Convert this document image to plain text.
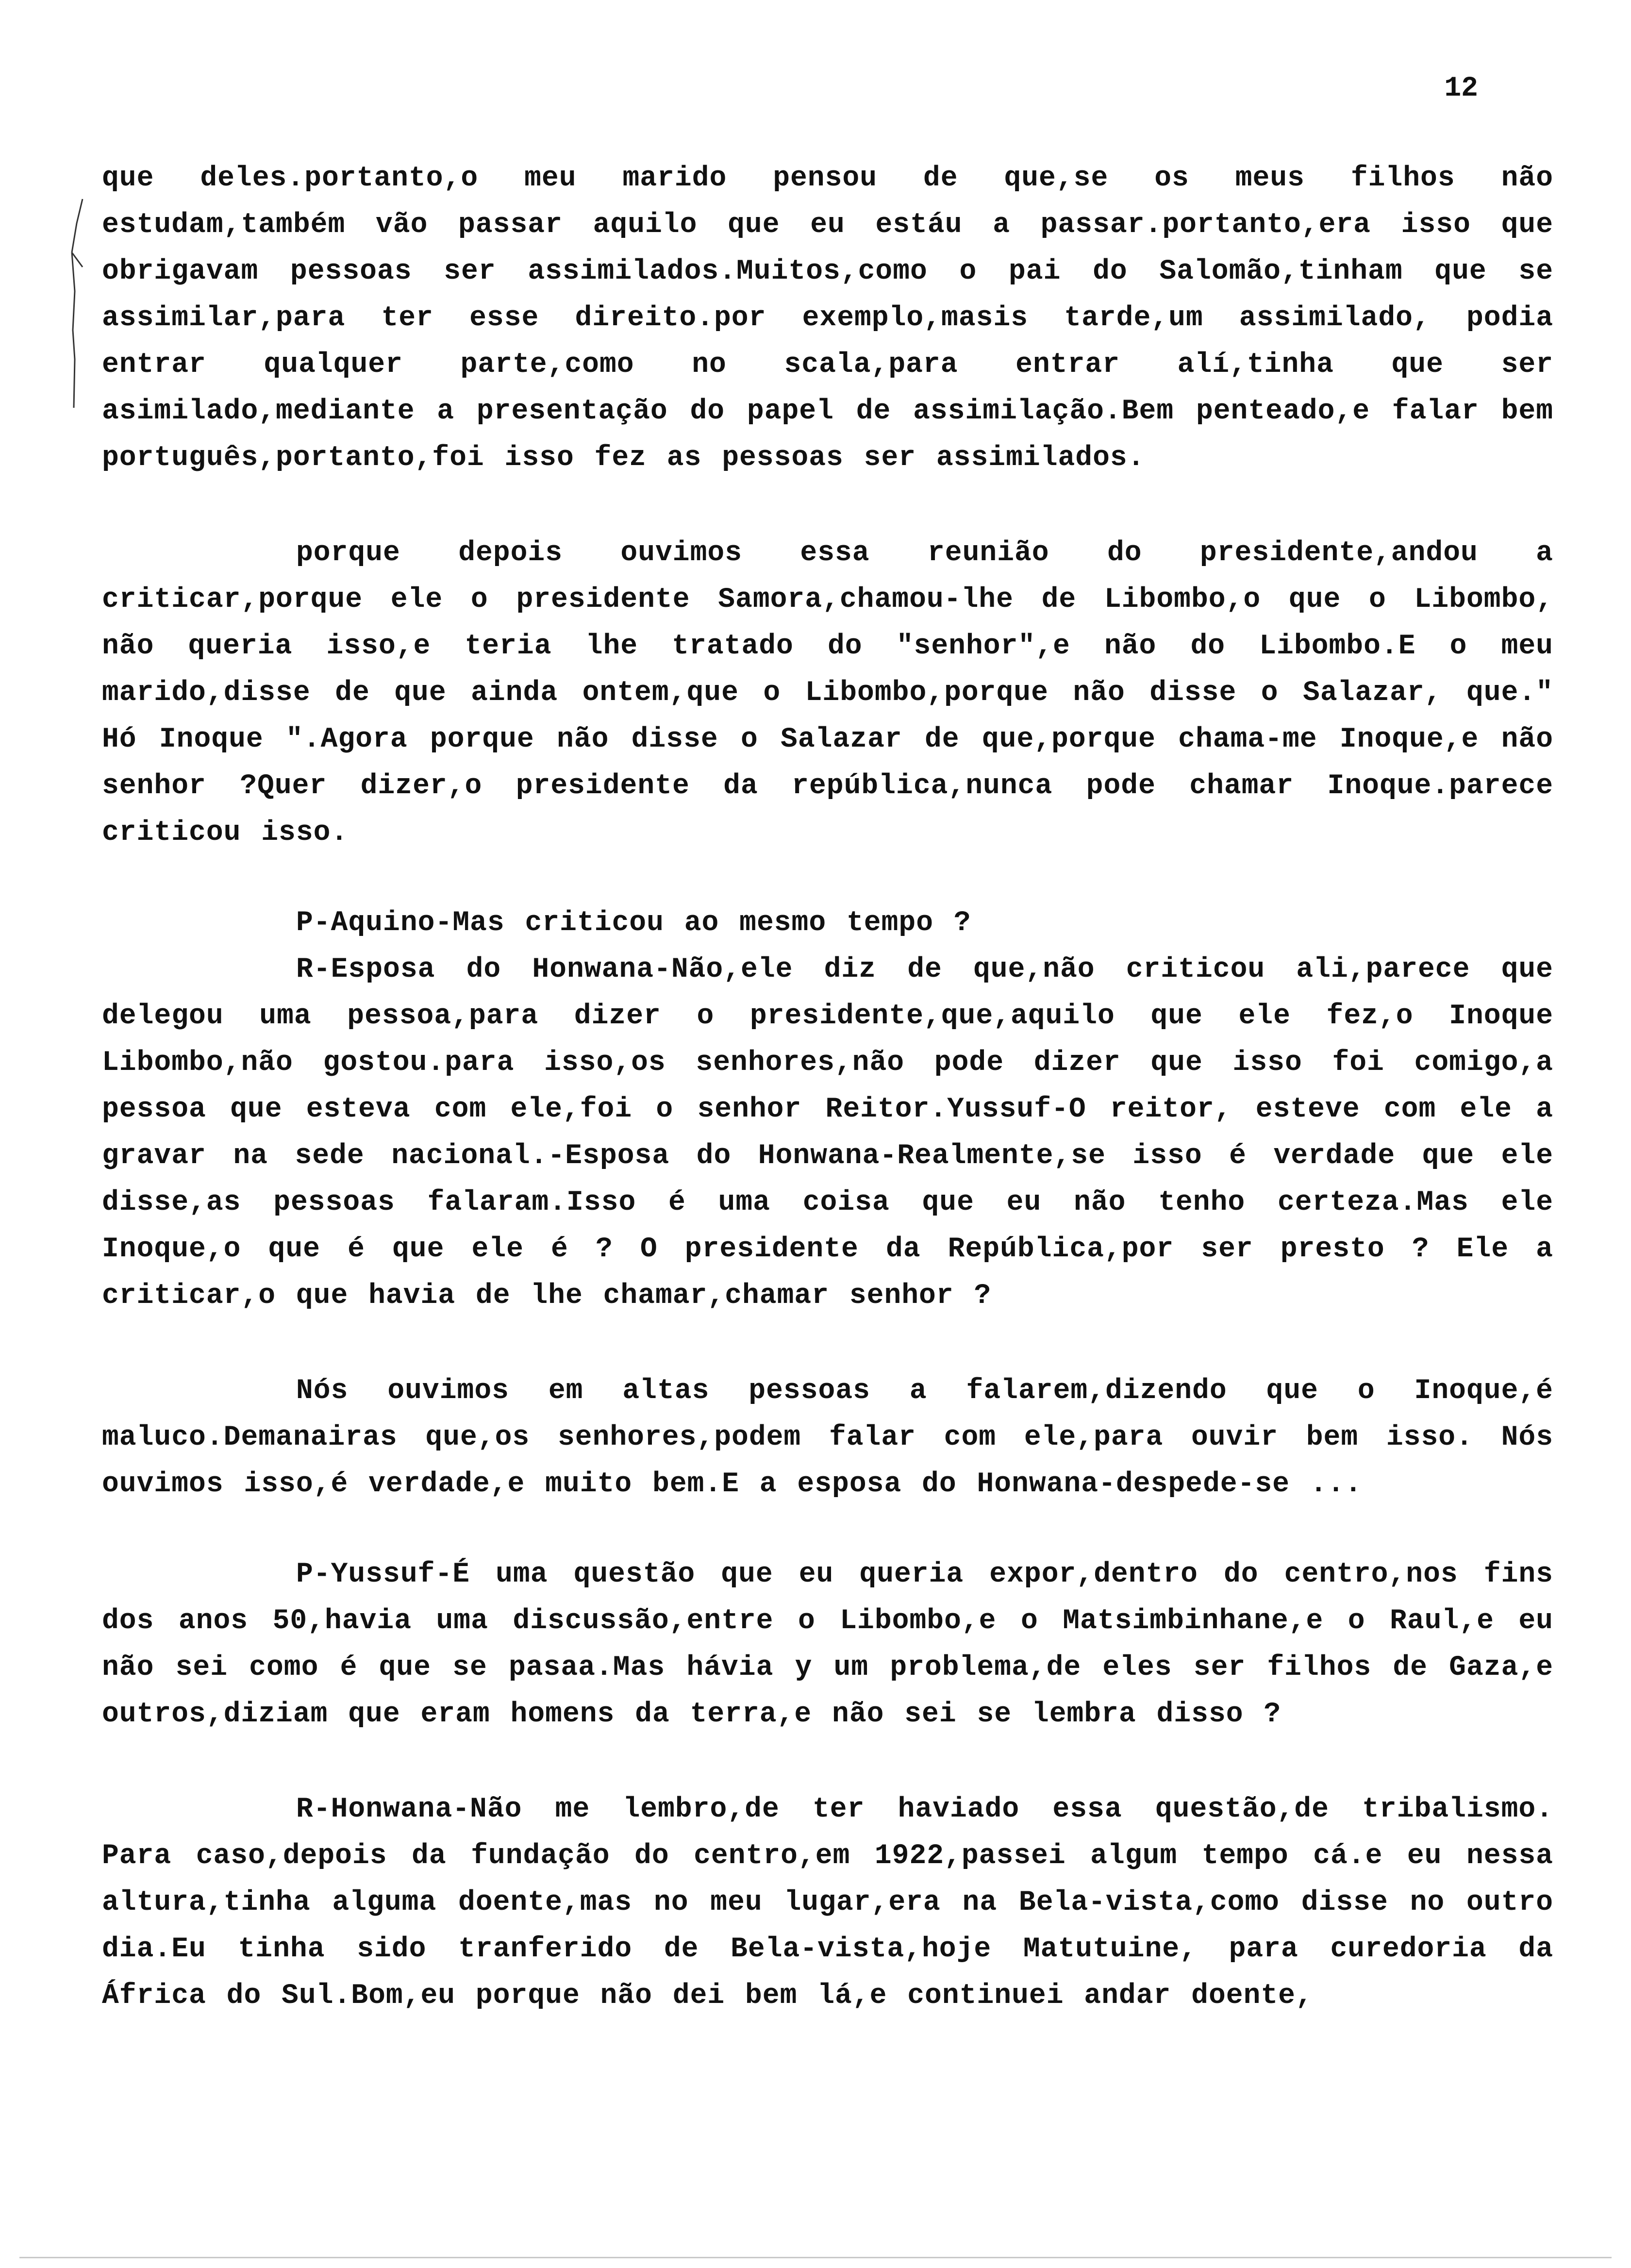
12

que deles.portanto,o meu marido pensou de que,se os meus filhos não estudam,também vão passar aquilo que eu estáu a passar.portanto,era isso que obrigavam pessoas ser assimilados.Muitos,como o pai do Salomão,tinham que se assimilar,para ter esse direito.por exemplo,masis tarde,um assimilado, podia entrar qualquer parte,como no scala,para entrar alí,tinha que ser asimilado,mediante a presentação do papel de assimilação.Bem penteado,e falar bem português,portanto,foi isso fez as pessoas ser assimilados.

porque depois ouvimos essa reunião do presidente,andou a criticar,porque ele o presidente Samora,chamou-lhe de Libombo,o que o Libombo, não queria isso,e teria lhe tratado do "senhor",e não do Libombo.E o meu marido,disse de que ainda ontem,que o Libombo,porque não disse o Salazar, que." Hó Inoque ".Agora porque não disse o Salazar de que,porque chama-me Inoque,e não senhor ?Quer dizer,o presidente da república,nunca pode chamar Inoque.parece criticou isso.

P-Aquino-Mas criticou ao mesmo tempo ?

R-Esposa do Honwana-Não,ele diz de que,não criticou ali,parece que delegou uma pessoa,para dizer o presidente,que,aquilo que ele fez,o Inoque Libombo,não gostou.para isso,os senhores,não pode dizer que isso foi comigo,a pessoa que esteva com ele,foi o senhor Reitor.Yussuf-O reitor, esteve com ele a gravar na sede nacional.-Esposa do Honwana-Realmente,se isso é verdade que ele disse,as pessoas falaram.Isso é uma coisa que eu não tenho certeza.Mas ele Inoque,o que é que ele é ? O presidente da República,por ser presto ? Ele a criticar,o que havia de lhe chamar,chamar senhor ?

Nós ouvimos em altas pessoas a falarem,dizendo que o Inoque,é maluco.Demanairas que,os senhores,podem falar com ele,para ouvir bem isso. Nós ouvimos isso,é verdade,e muito bem.E a esposa do Honwana-despede-se ...

P-Yussuf-É uma questão que eu queria expor,dentro do centro,nos fins dos anos 50,havia uma discussão,entre o Libombo,e o Matsimbinhane,e o Raul,e eu não sei como é que se pasaa.Mas hávia y um problema,de eles ser filhos de Gaza,e outros,diziam que eram homens da terra,e não sei se lembra disso ?

R-Honwana-Não me lembro,de ter haviado essa questão,de tribalismo. Para caso,depois da fundação do centro,em 1922,passei algum tempo cá.e eu nessa altura,tinha alguma doente,mas no meu lugar,era na Bela-vista,como disse no outro dia.Eu tinha sido tranferido de Bela-vista,hoje Matutuine, para curedoria da África do Sul.Bom,eu porque não dei bem lá,e continuei andar doente,
